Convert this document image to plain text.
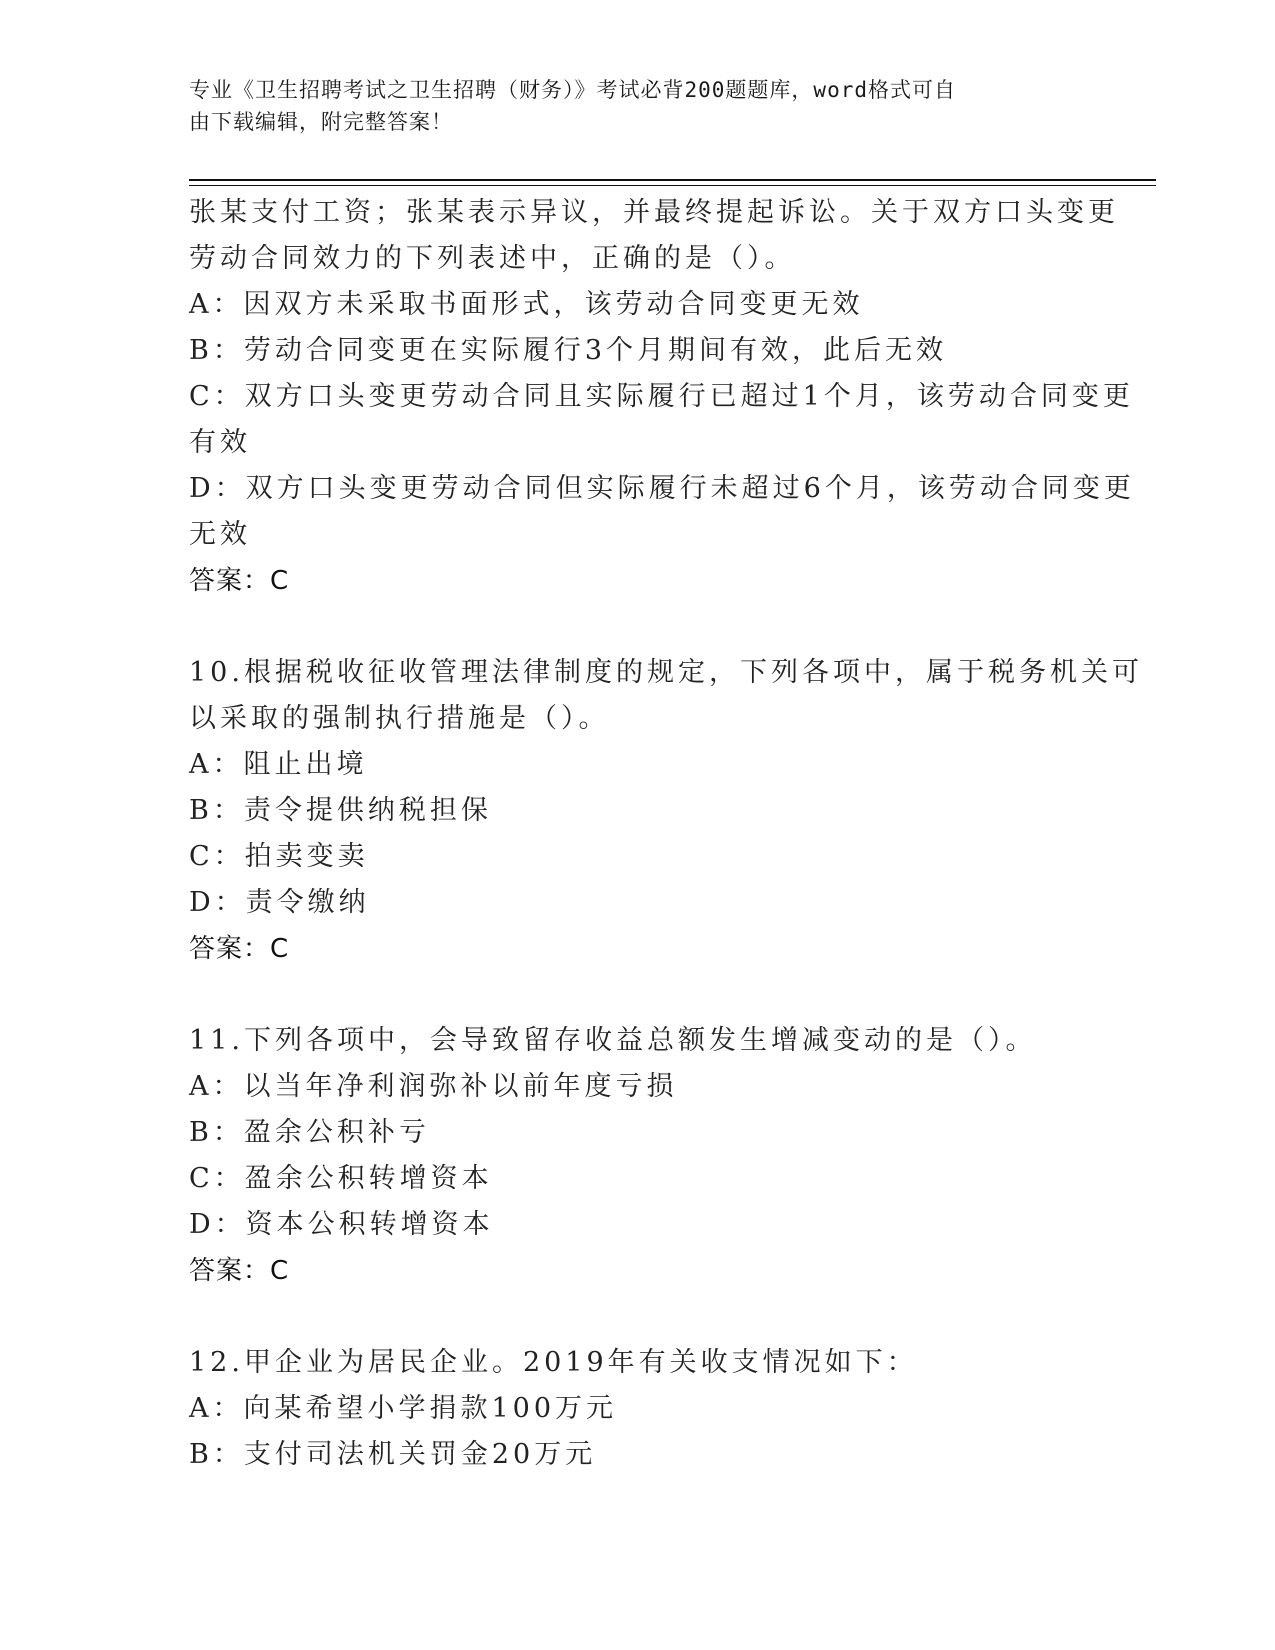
专业《卫生招聘考试之卫生招聘（财务）》考试必背200题题库，word格式可自
由下载编辑，附完整答案！

张某支付工资；张某表示异议，并最终提起诉讼。关于双方口头变更

劳动合同效力的下列表述中，正确的是（）。

A：因双方未采取书面形式，该劳动合同变更无效

B：劳动合同变更在实际履行3个月期间有效，此后无效

C：双方口头变更劳动合同且实际履行已超过1个月，该劳动合同变更

有效

D：双方口头变更劳动合同但实际履行未超过6个月，该劳动合同变更

无效

答案：C

10.根据税收征收管理法律制度的规定，下列各项中，属于税务机关可

以采取的强制执行措施是（）。

A：阻止出境

B：责令提供纳税担保

C：拍卖变卖

D：责令缴纳

答案：C

11.下列各项中，会导致留存收益总额发生增减变动的是（）。

A：以当年净利润弥补以前年度亏损

B：盈余公积补亏

C：盈余公积转增资本

D：资本公积转增资本

答案：C

12.甲企业为居民企业。2019年有关收支情况如下：

A：向某希望小学捐款100万元

B：支付司法机关罚金20万元
